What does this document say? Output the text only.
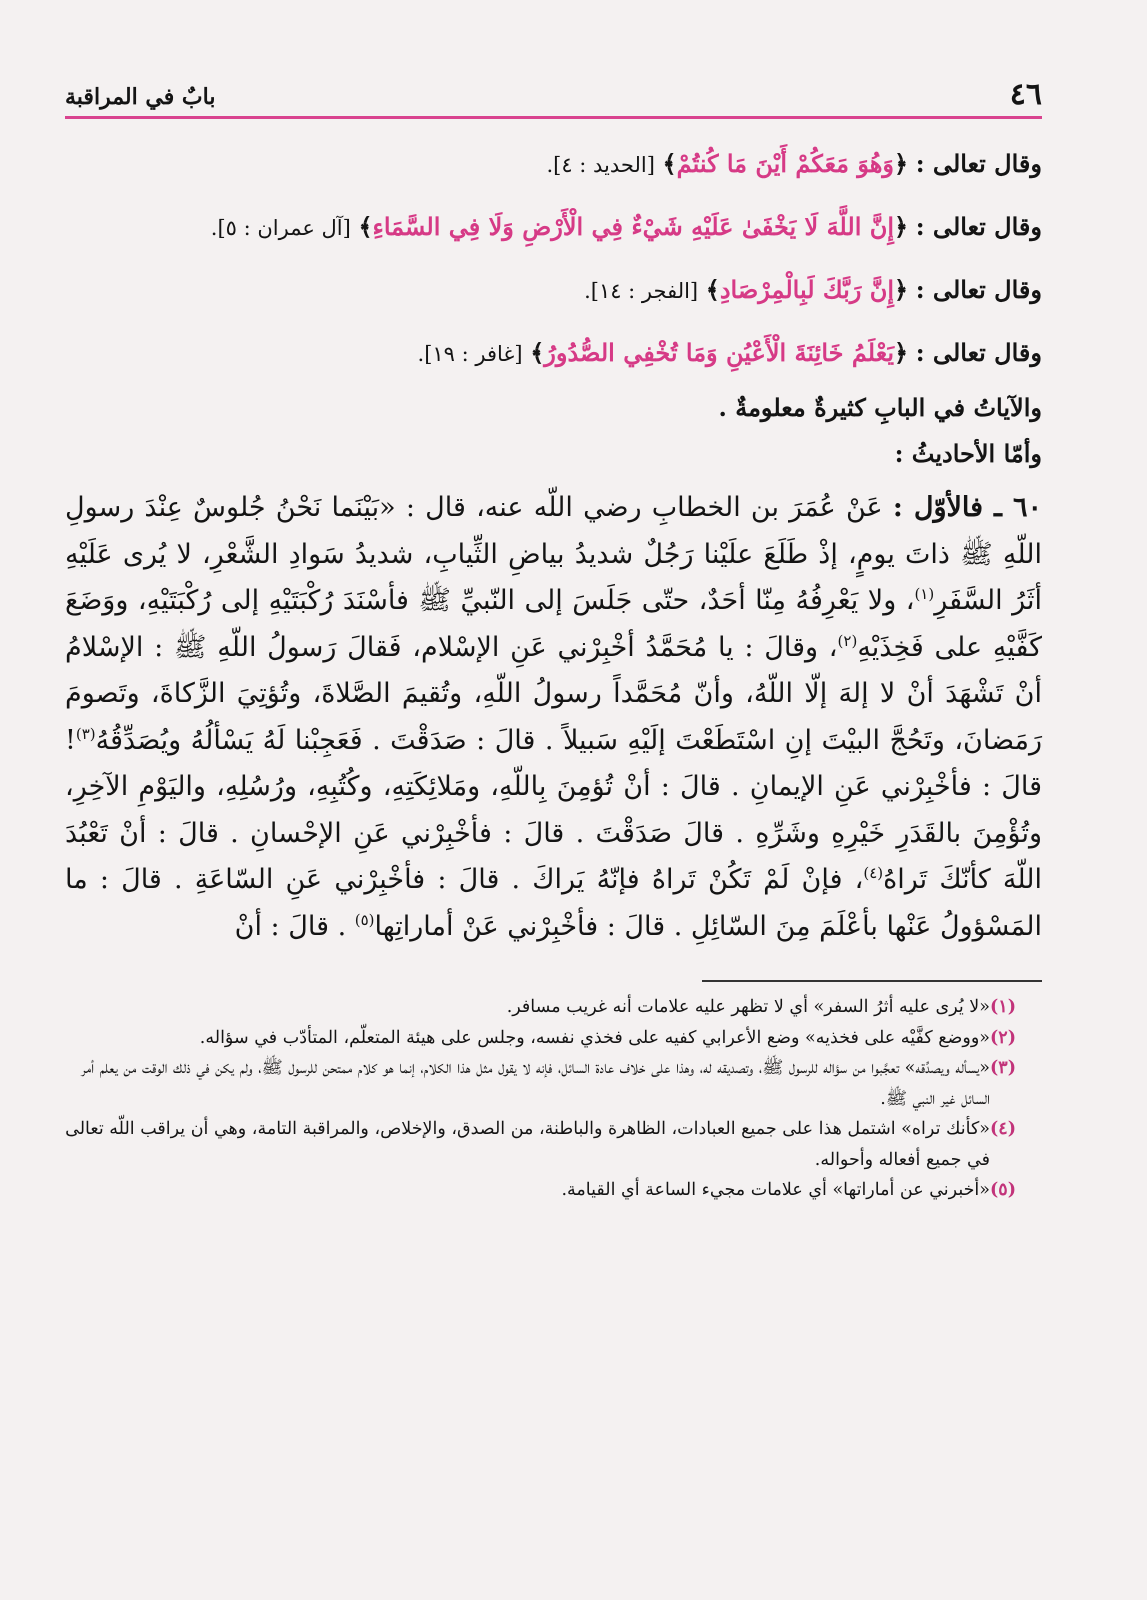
٤٦
بابٌ في المراقبة
وقال تعالى : ﴿وَهُوَ مَعَكُمْ أَيْنَ مَا كُنتُمْ﴾ [الحديد : ٤].
وقال تعالى : ﴿إِنَّ اللَّهَ لَا يَخْفَىٰ عَلَيْهِ شَيْءٌ فِي الْأَرْضِ وَلَا فِي السَّمَاءِ﴾ [آل عمران : ٥].
وقال تعالى : ﴿إِنَّ رَبَّكَ لَبِالْمِرْصَادِ﴾ [الفجر : ١٤].
وقال تعالى : ﴿يَعْلَمُ خَائِنَةَ الْأَعْيُنِ وَمَا تُخْفِي الصُّدُورُ﴾ [غافر : ١٩].
والآياتُ في البابِ كثيرةٌ معلومةٌ .
وأمّا الأحاديثُ :

٦٠ ـ فالأوّل : عَنْ عُمَرَ بن الخطابِ رضي اللّه عنه، قال : «بَيْنَما نَحْنُ جُلوسٌ عِنْدَ رسولِ اللّهِ ﷺ ذاتَ يومٍ، إذْ طَلَعَ علَيْنا رَجُلٌ شديدُ بياضِ الثِّيابِ، شديدُ سَوادِ الشَّعْرِ، لا يُرى عَلَيْهِ أثَرُ السَّفَرِ$^{(١)}$، ولا يَعْرِفُهُ مِنّا أحَدٌ، حتّى جَلَسَ إلى النّبيِّ ﷺ فأسْنَدَ رُكْبَتَيْهِ إلى رُكْبَتَيْهِ، ووَضَعَ كَفَّيْهِ على فَخِذَيْهِ$^{(٢)}$، وقالَ : يا مُحَمَّدُ أخْبِرْني عَنِ الإسْلام، فَقالَ رَسولُ اللّهِ ﷺ : الإسْلامُ أنْ تَشْهَدَ أنْ لا إلهَ إلّا اللّهُ، وأنّ مُحَمَّداً رسولُ اللّهِ، وتُقيمَ الصَّلاةَ، وتُؤتِيَ الزَّكاةَ، وتَصومَ رَمَضانَ، وتَحُجَّ البيْتَ إنِ اسْتَطَعْتَ إلَيْهِ سَبيلاً . قالَ : صَدَقْتَ . فَعَجِبْنا لَهُ يَسْألُهُ ويُصَدِّقُهُ$^{(٣)}$! قالَ : فأخْبِرْني عَنِ الإيمانِ . قالَ : أنْ تُؤمِنَ بِاللّهِ، ومَلائِكَتِهِ، وكُتُبِهِ، ورُسُلِهِ، واليَوْمِ الآخِرِ، وتُؤْمِنَ بالقَدَرِ خَيْرِهِ وشَرِّهِ . قالَ صَدَقْتَ . قالَ : فأخْبِرْني عَنِ الإحْسانِ . قالَ : أنْ تَعْبُدَ اللّهَ كأنّكَ تَراهُ$^{(٤)}$، فإنْ لَمْ تَكُنْ تَراهُ فإنّهُ يَراكَ . قالَ : فأخْبِرْني عَنِ السّاعَةِ . قالَ : ما المَسْؤولُ عَنْها بأعْلَمَ مِنَ السّائِلِ . قالَ : فأخْبِرْني عَنْ أماراتِها$^{(٥)}$ . قالَ : أنْ

(١)
«لا يُرى عليه أثرُ السفر» أي لا تظهر عليه علامات أنه غريب مسافر.
(٢)
«ووضع كفَّيْه على فخذيه» وضع الأعرابي كفيه على فخذي نفسه، وجلس على هيئة المتعلّم، المتأدّب في سؤاله.
(٣)
«يسأله ويصدِّقه» تعجَّبوا من سؤاله للرسول ﷺ، وتصديقه له، وهذا على خلاف عادة السائل، فإنه لا يقول مثل هذا الكلام، إنما هو كلام ممتحن للرسول ﷺ، ولم يكن في ذلك الوقت من يعلم أمر السائل غير النبي ﷺ.
(٤)
«كأنك تراه» اشتمل هذا على جميع العبادات، الظاهرة والباطنة، من الصدق، والإخلاص، والمراقبة التامة، وهي أن يراقب اللّه تعالى في جميع أفعاله وأحواله.
(٥)
«أخبرني عن أماراتها» أي علامات مجيء الساعة أي القيامة.
